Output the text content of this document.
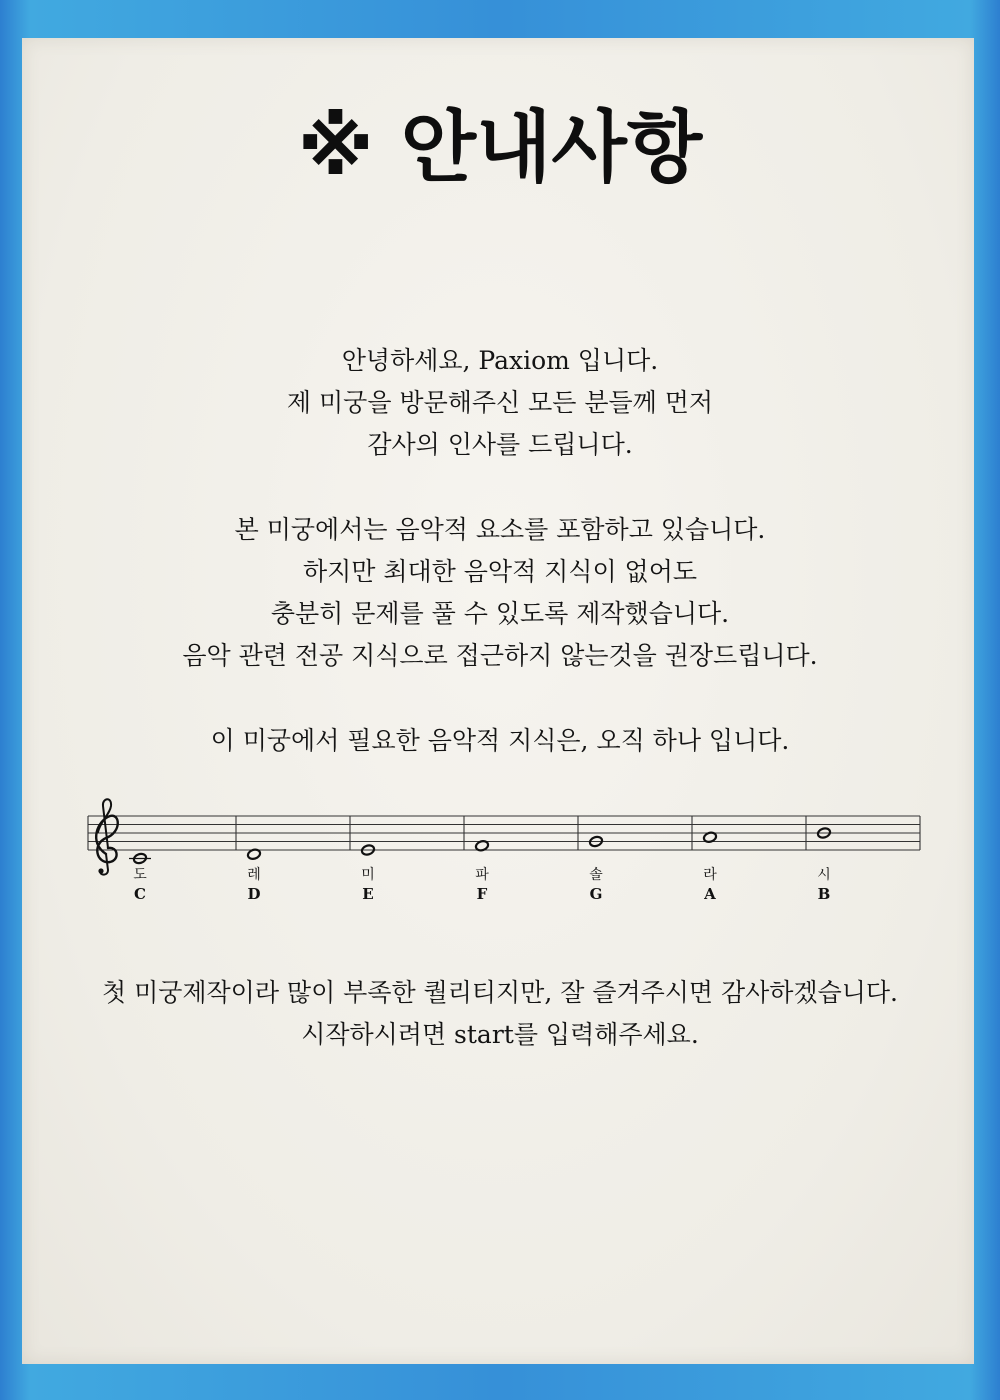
※ 안내사항

안녕하세요, Paxiom 입니다.

제 미궁을 방문해주신 모든 분들께 먼저

감사의 인사를 드립니다.

본 미궁에서는 음악적 요소를 포함하고 있습니다.

하지만 최대한 음악적 지식이 없어도

충분히 문제를 풀 수 있도록 제작했습니다.

음악 관련 전공 지식으로 접근하지 않는것을 권장드립니다.

이 미궁에서 필요한 음악적 지식은, 오직 하나 입니다.

도
C
레
D
미
E
파
F
솔
G
라
A
시
B

첫 미궁제작이라 많이 부족한 퀄리티지만, 잘 즐겨주시면 감사하겠습니다.

시작하시려면 start를 입력해주세요.
